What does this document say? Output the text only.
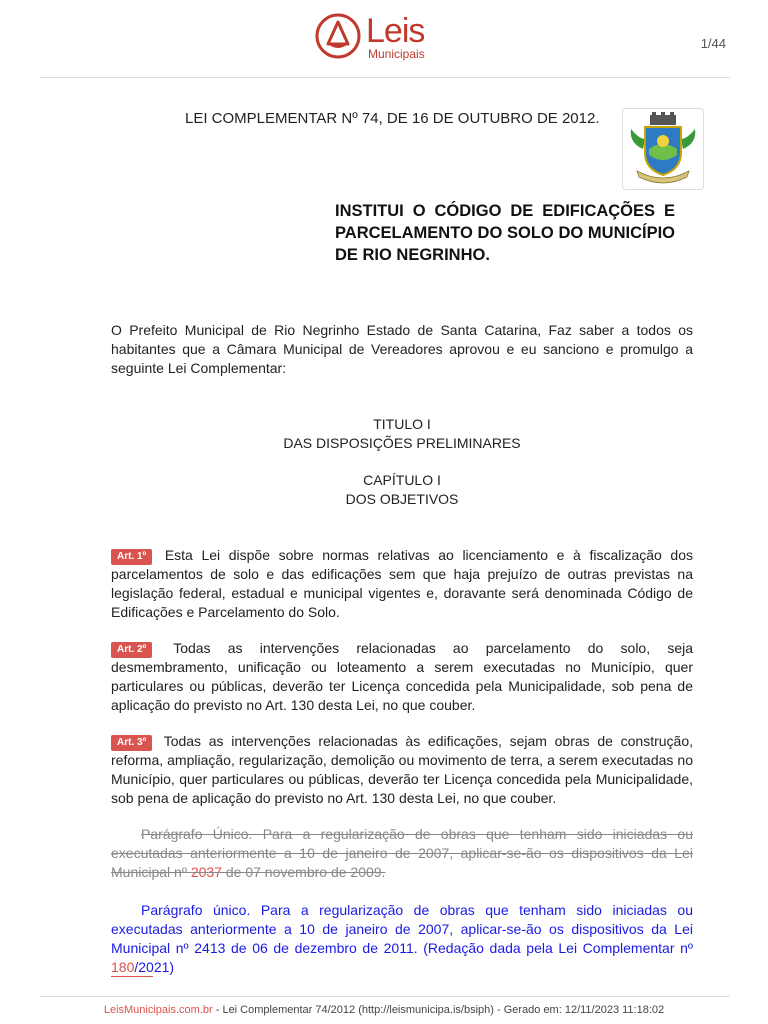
Leis
Municipais
1/44
LEI COMPLEMENTAR Nº 74, DE 16 DE OUTUBRO DE 2012.
INSTITUI O CÓDIGO DE EDIFICAÇÕES E PARCELAMENTO DO SOLO DO MUNICÍPIO DE RIO NEGRINHO.
O Prefeito Municipal de Rio Negrinho Estado de Santa Catarina, Faz saber a todos os habitantes que a Câmara Municipal de Vereadores aprovou e eu sanciono e promulgo a seguinte Lei Complementar:
TITULO I
DAS DISPOSIÇÕES PRELIMINARES
CAPÍTULO I
DOS OBJETIVOS
Art. 1º Esta Lei dispõe sobre normas relativas ao licenciamento e à fiscalização dos parcelamentos de solo e das edificações sem que haja prejuízo de outras previstas na legislação federal, estadual e municipal vigentes e, doravante será denominada Código de Edificações e Parcelamento do Solo.
Art. 2º Todas as intervenções relacionadas ao parcelamento do solo, seja desmembramento, unificação ou loteamento a serem executadas no Município, quer particulares ou públicas, deverão ter Licença concedida pela Municipalidade, sob pena de aplicação do previsto no Art. 130 desta Lei, no que couber.
Art. 3º Todas as intervenções relacionadas às edificações, sejam obras de construção, reforma, ampliação, regularização, demolição ou movimento de terra, a serem executadas no Município, quer particulares ou públicas, deverão ter Licença concedida pela Municipalidade, sob pena de aplicação do previsto no Art. 130 desta Lei, no que couber.
Parágrafo Único. Para a regularização de obras que tenham sido iniciadas ou executadas anteriormente a 10 de janeiro de 2007, aplicar-se-ão os dispositivos da Lei Municipal nº 2037 de 07 novembro de 2009.
Parágrafo único. Para a regularização de obras que tenham sido iniciadas ou executadas anteriormente a 10 de janeiro de 2007, aplicar-se-ão os dispositivos da Lei Municipal nº 2413 de 06 de dezembro de 2011. (Redação dada pela Lei Complementar nº 180/2021)
LeisMunicipais.com.br - Lei Complementar 74/2012 (http://leismunicipa.is/bsiph) - Gerado em: 12/11/2023 11:18:02
